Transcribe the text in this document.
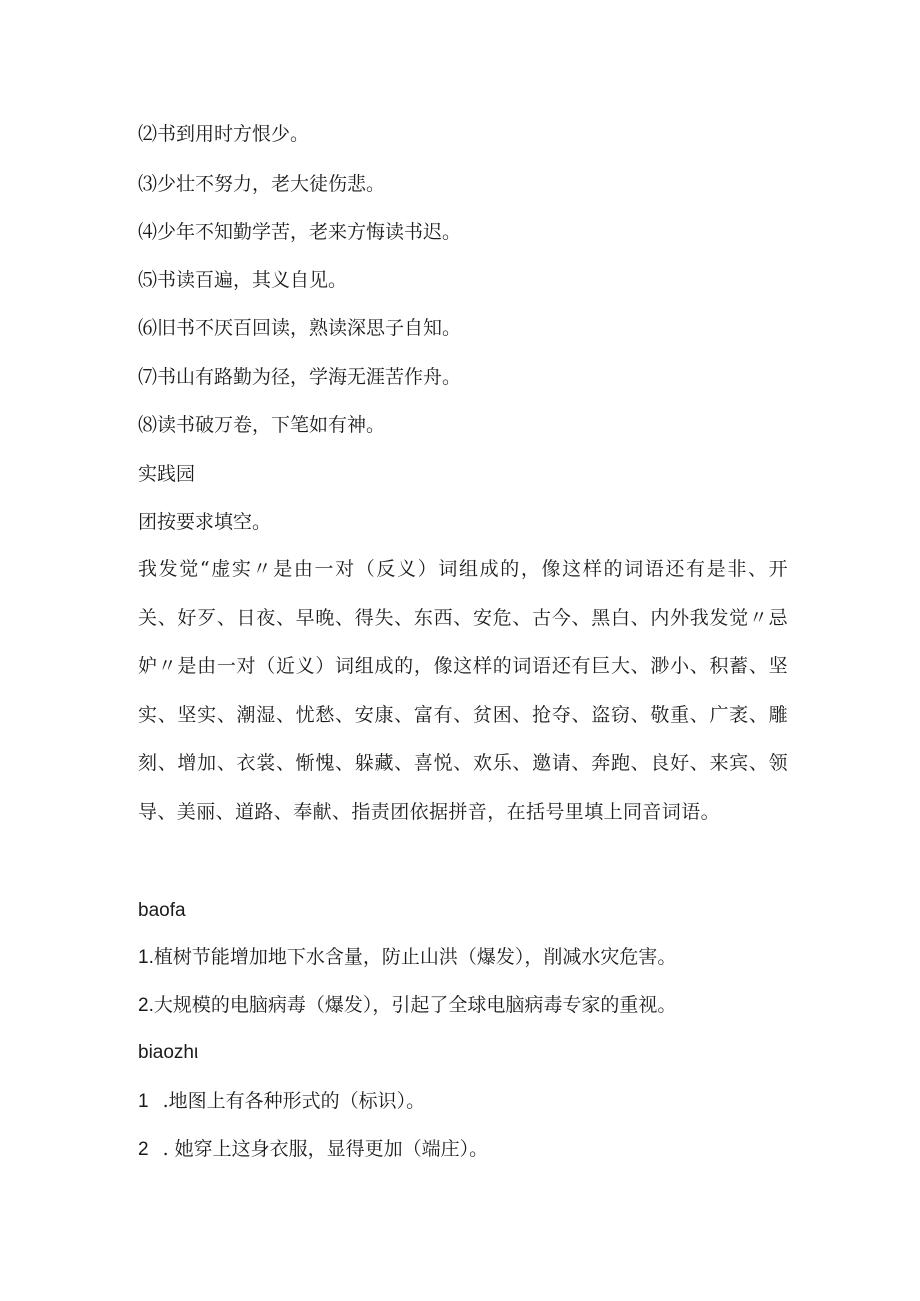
⑵书到用时方恨少。

⑶少壮不努力，老大徒伤悲。

⑷少年不知勤学苦，老来方悔读书迟。

⑸书读百遍，其义自见。

⑹旧书不厌百回读，熟读深思子自知。

⑺书山有路勤为径，学海无涯苦作舟。

⑻读书破万卷，下笔如有神。

实践园

团按要求填空。

我发觉“虚实〃是由一对（反义）词组成的，像这样的词语还有是非、开关、好歹、日夜、早晚、得失、东西、安危、古今、黑白、内外我发觉〃忌妒〃是由一对（近义）词组成的，像这样的词语还有巨大、渺小、积蓄、坚实、坚实、潮湿、忧愁、安康、富有、贫困、抢夺、盗窃、敬重、广袤、雕刻、增加、衣裳、惭愧、躲藏、喜悦、欢乐、邀请、奔跑、良好、来宾、领导、美丽、道路、奉献、指责团依据拼音，在括号里填上同音词语。

baofa

1.植树节能增加地下水含量，防止山洪（爆发），削减水灾危害。

2.大规模的电脑病毒（爆发），引起了全球电脑病毒专家的重视。

biaozhι

1 .地图上有各种形式的（标识）。

2 . 她穿上这身衣服，显得更加（端庄）。
